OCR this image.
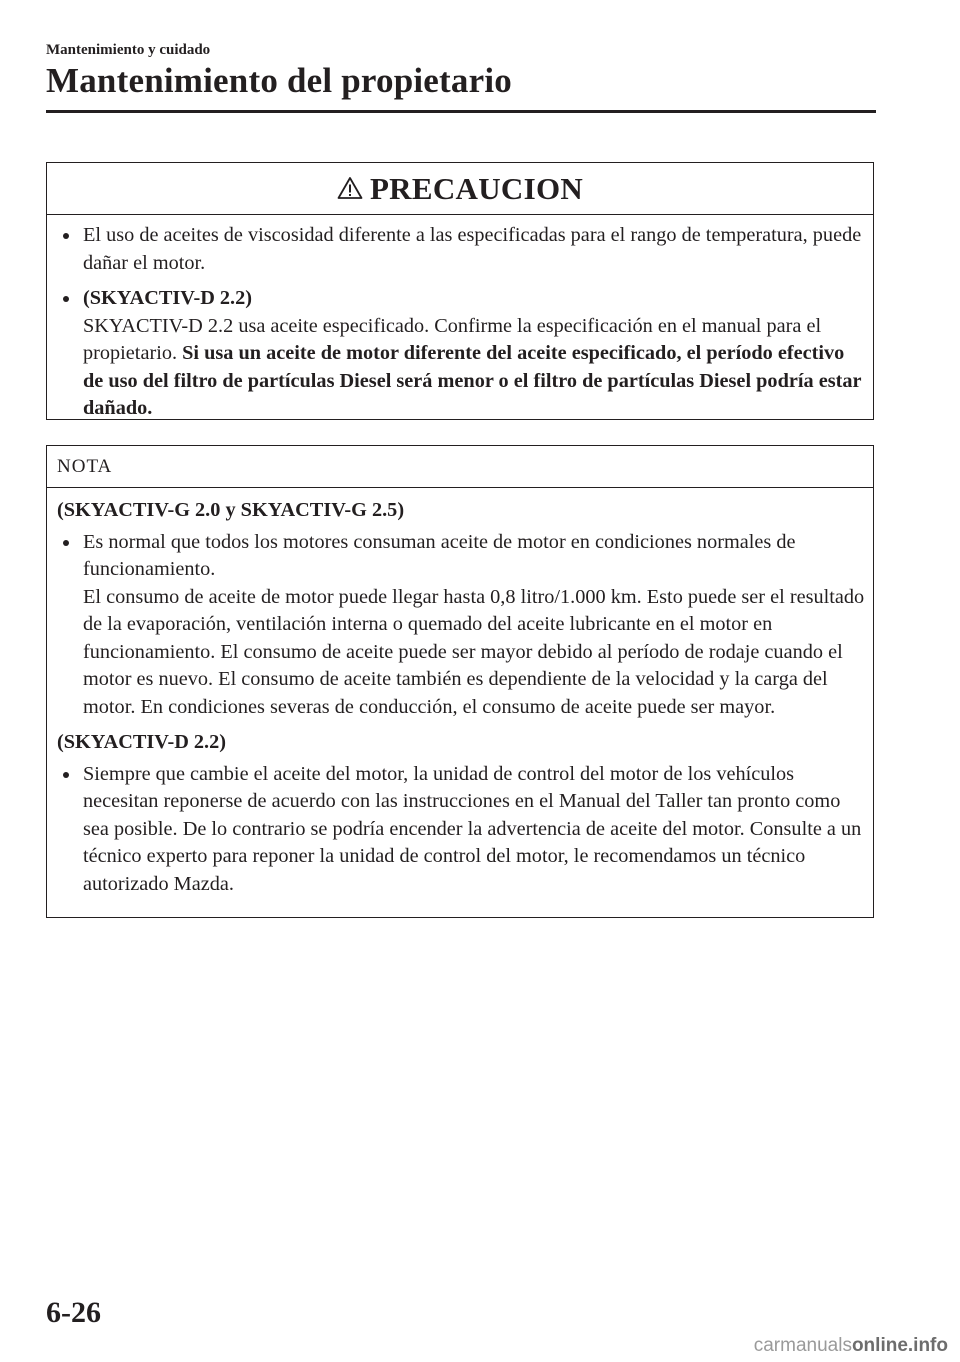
Mantenimiento y cuidado
Mantenimiento del propietario
PRECAUCION
El uso de aceites de viscosidad diferente a las especificadas para el rango de temperatura, puede dañar el motor.
(SKYACTIV-D 2.2)
SKYACTIV-D 2.2 usa aceite especificado. Confirme la especificación en el manual para el propietario. Si usa un aceite de motor diferente del aceite especificado, el período efectivo de uso del filtro de partículas Diesel será menor o el filtro de partículas Diesel podría estar dañado.
NOTA
(SKYACTIV-G 2.0 y SKYACTIV-G 2.5)
Es normal que todos los motores consuman aceite de motor en condiciones normales de funcionamiento.
El consumo de aceite de motor puede llegar hasta 0,8 litro/1.000 km. Esto puede ser el resultado de la evaporación, ventilación interna o quemado del aceite lubricante en el motor en funcionamiento. El consumo de aceite puede ser mayor debido al período de rodaje cuando el motor es nuevo. El consumo de aceite también es dependiente de la velocidad y la carga del motor. En condiciones severas de conducción, el consumo de aceite puede ser mayor.
(SKYACTIV-D 2.2)
Siempre que cambie el aceite del motor, la unidad de control del motor de los vehículos necesitan reponerse de acuerdo con las instrucciones en el Manual del Taller tan pronto como sea posible. De lo contrario se podría encender la advertencia de aceite del motor. Consulte a un técnico experto para reponer la unidad de control del motor, le recomendamos un técnico autorizado Mazda.
6-26
carmanualsonline.info
